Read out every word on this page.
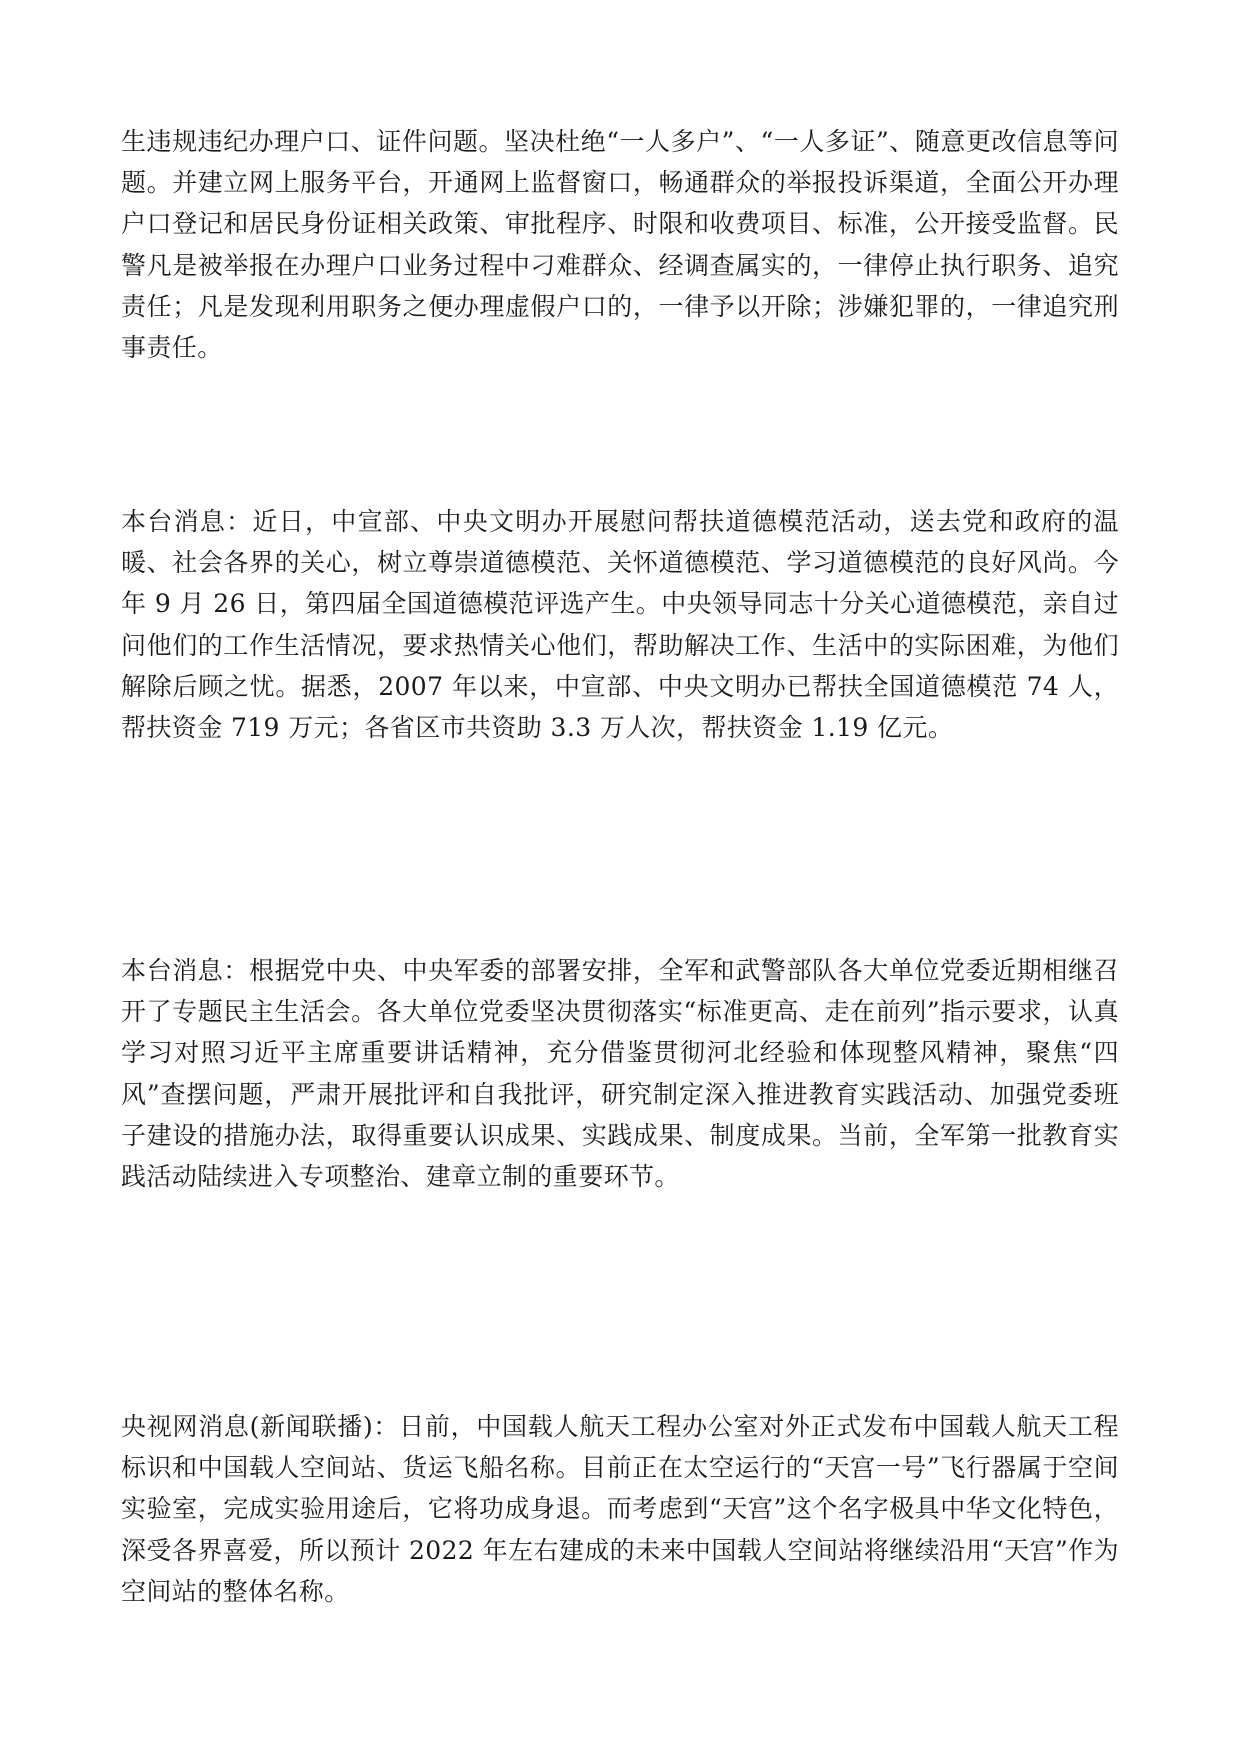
生违规违纪办理户口、证件问题。坚决杜绝“一人多户”、“一人多证”、随意更改信息等问题。并建立网上服务平台，开通网上监督窗口，畅通群众的举报投诉渠道，全面公开办理户口登记和居民身份证相关政策、审批程序、时限和收费项目、标准，公开接受监督。民警凡是被举报在办理户口业务过程中刁难群众、经调查属实的，一律停止执行职务、追究责任；凡是发现利用职务之便办理虚假户口的，一律予以开除；涉嫌犯罪的，一律追究刑事责任。

本台消息：近日，中宣部、中央文明办开展慰问帮扶道德模范活动，送去党和政府的温暖、社会各界的关心，树立尊崇道德模范、关怀道德模范、学习道德模范的良好风尚。今年 9 月 26 日，第四届全国道德模范评选产生。中央领导同志十分关心道德模范，亲自过问他们的工作生活情况，要求热情关心他们，帮助解决工作、生活中的实际困难，为他们解除后顾之忧。据悉，2007 年以来，中宣部、中央文明办已帮扶全国道德模范 74 人，帮扶资金 719 万元；各省区市共资助 3.3 万人次，帮扶资金 1.19 亿元。

本台消息：根据党中央、中央军委的部署安排，全军和武警部队各大单位党委近期相继召开了专题民主生活会。各大单位党委坚决贯彻落实“标准更高、走在前列”指示要求，认真学习对照习近平主席重要讲话精神，充分借鉴贯彻河北经验和体现整风精神，聚焦“四风”查摆问题，严肃开展批评和自我批评，研究制定深入推进教育实践活动、加强党委班子建设的措施办法，取得重要认识成果、实践成果、制度成果。当前，全军第一批教育实践活动陆续进入专项整治、建章立制的重要环节。

央视网消息(新闻联播)：日前，中国载人航天工程办公室对外正式发布中国载人航天工程标识和中国载人空间站、货运飞船名称。目前正在太空运行的“天宫一号”飞行器属于空间实验室，完成实验用途后，它将功成身退。而考虑到“天宫”这个名字极具中华文化特色，深受各界喜爱，所以预计 2022 年左右建成的未来中国载人空间站将继续沿用“天宫”作为空间站的整体名称。
